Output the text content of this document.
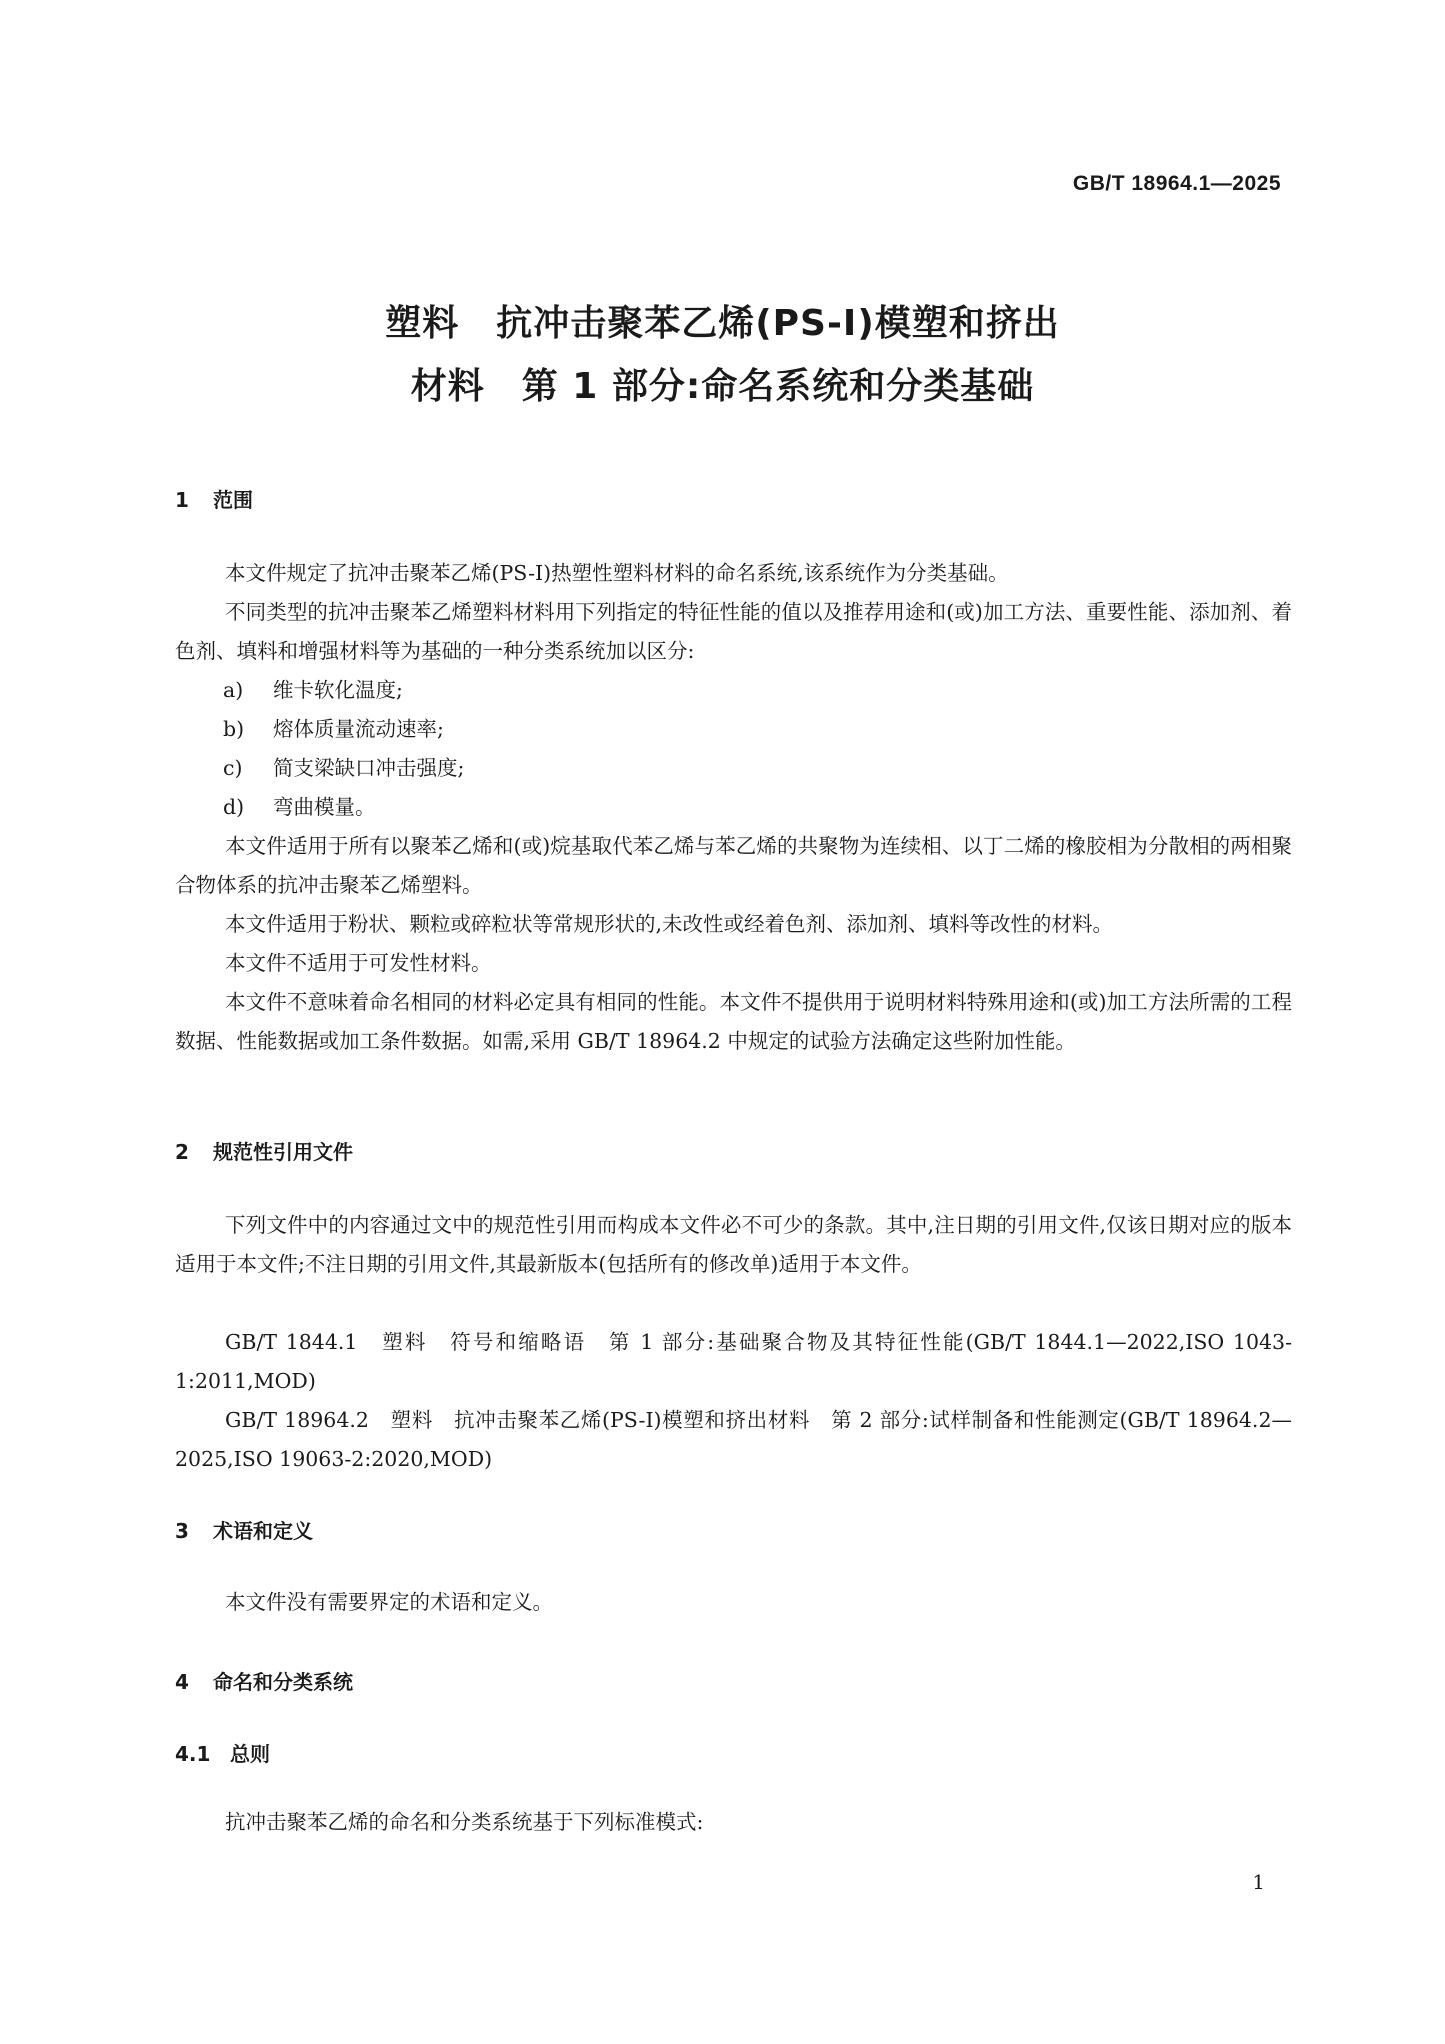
GB/T 18964.1—2025
塑料　抗冲击聚苯乙烯(PS-I)模塑和挤出
材料　第 1 部分:命名系统和分类基础
1 范围
本文件规定了抗冲击聚苯乙烯(PS-I)热塑性塑料材料的命名系统,该系统作为分类基础。
不同类型的抗冲击聚苯乙烯塑料材料用下列指定的特征性能的值以及推荐用途和(或)加工方法、重要性能、添加剂、着色剂、填料和增强材料等为基础的一种分类系统加以区分:
a) 维卡软化温度;
b) 熔体质量流动速率;
c) 简支梁缺口冲击强度;
d) 弯曲模量。
本文件适用于所有以聚苯乙烯和(或)烷基取代苯乙烯与苯乙烯的共聚物为连续相、以丁二烯的橡胶相为分散相的两相聚合物体系的抗冲击聚苯乙烯塑料。
本文件适用于粉状、颗粒或碎粒状等常规形状的,未改性或经着色剂、添加剂、填料等改性的材料。
本文件不适用于可发性材料。
本文件不意味着命名相同的材料必定具有相同的性能。本文件不提供用于说明材料特殊用途和(或)加工方法所需的工程数据、性能数据或加工条件数据。如需,采用 GB/T 18964.2 中规定的试验方法确定这些附加性能。
2 规范性引用文件
下列文件中的内容通过文中的规范性引用而构成本文件必不可少的条款。其中,注日期的引用文件,仅该日期对应的版本适用于本文件;不注日期的引用文件,其最新版本(包括所有的修改单)适用于本文件。
GB/T 1844.1　塑料　符号和缩略语　第 1 部分:基础聚合物及其特征性能(GB/T 1844.1—2022,ISO 1043-1:2011,MOD)
GB/T 18964.2　塑料　抗冲击聚苯乙烯(PS-I)模塑和挤出材料　第 2 部分:试样制备和性能测定(GB/T 18964.2—2025,ISO 19063-2:2020,MOD)
3 术语和定义
本文件没有需要界定的术语和定义。
4 命名和分类系统
4.1 总则
抗冲击聚苯乙烯的命名和分类系统基于下列标准模式:
1
